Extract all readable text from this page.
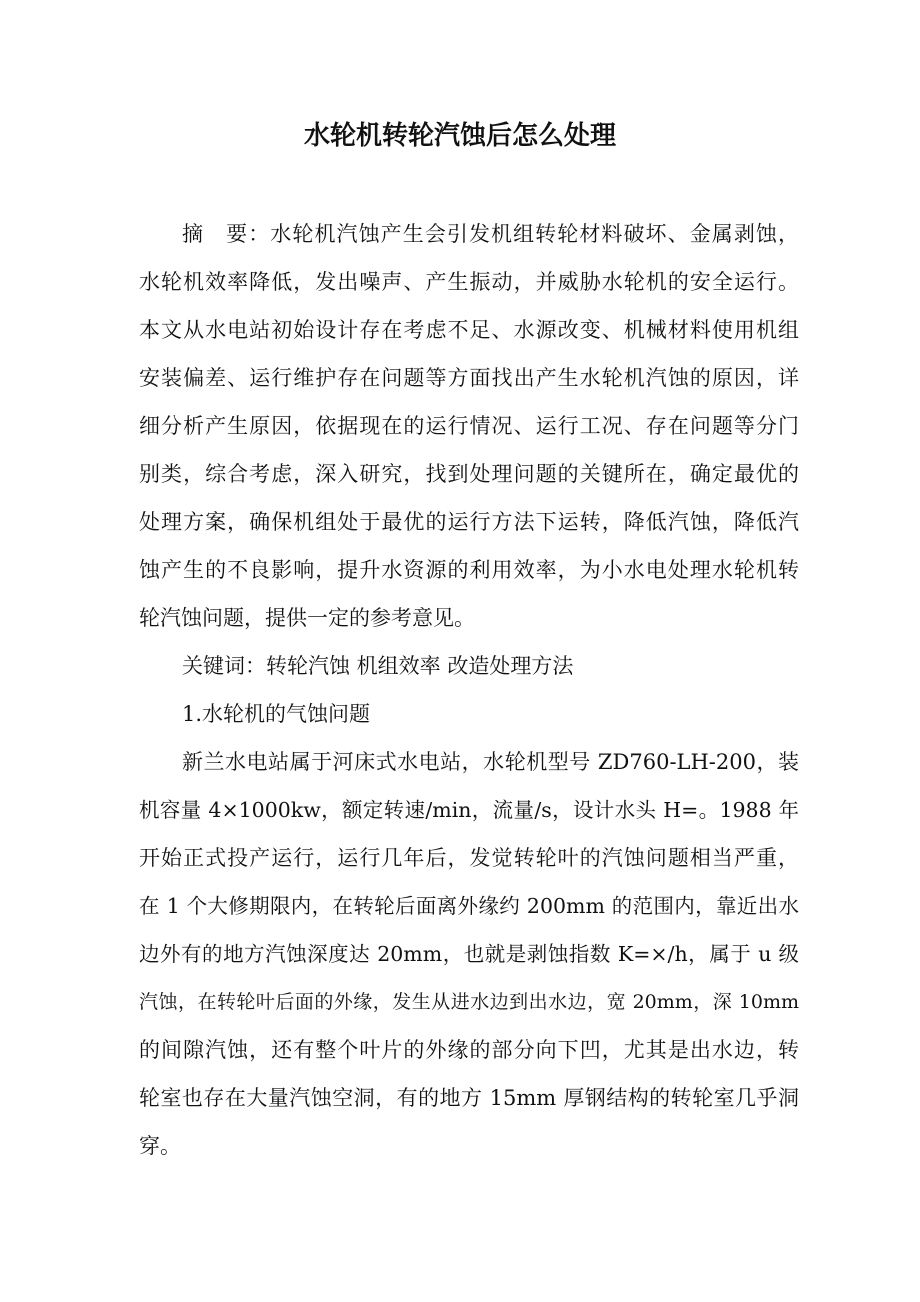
水轮机转轮汽蚀后怎么处理

摘　要：水轮机汽蚀产生会引发机组转轮材料破坏、金属剥蚀，

水轮机效率降低，发出噪声、产生振动，并威胁水轮机的安全运行。

本文从水电站初始设计存在考虑不足、水源改变、机械材料使用机组

安装偏差、运行维护存在问题等方面找出产生水轮机汽蚀的原因，详

细分析产生原因，依据现在的运行情况、运行工况、存在问题等分门

别类，综合考虑，深入研究，找到处理问题的关键所在，确定最优的

处理方案，确保机组处于最优的运行方法下运转，降低汽蚀，降低汽

蚀产生的不良影响，提升水资源的利用效率，为小水电处理水轮机转

轮汽蚀问题，提供一定的参考意见。

关键词：转轮汽蚀 机组效率 改造处理方法

1.水轮机的气蚀问题

新兰水电站属于河床式水电站，水轮机型号 ZD760-LH-200，装

机容量 4×1000kw，额定转速/min，流量/s，设计水头 H=。1988 年

开始正式投产运行，运行几年后，发觉转轮叶的汽蚀问题相当严重，

在 1 个大修期限内，在转轮后面离外缘约 200mm 的范围内，靠近出水

边外有的地方汽蚀深度达 20mm，也就是剥蚀指数 K=×/h，属于 u 级

汽蚀，在转轮叶后面的外缘，发生从进水边到出水边，宽 20mm，深 10mm

的间隙汽蚀，还有整个叶片的外缘的部分向下凹，尤其是出水边，转

轮室也存在大量汽蚀空洞，有的地方 15mm 厚钢结构的转轮室几乎洞

穿。
